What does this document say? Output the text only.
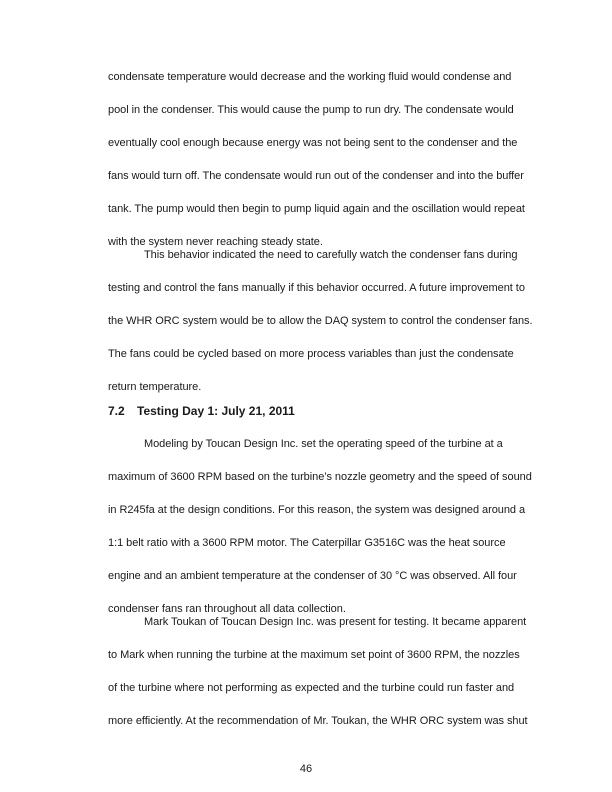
condensate temperature would decrease and the working fluid would condense and
pool in the condenser. This would cause the pump to run dry. The condensate would
eventually cool enough because energy was not being sent to the condenser and the
fans would turn off. The condensate would run out of the condenser and into the buffer
tank. The pump would then begin to pump liquid again and the oscillation would repeat
with the system never reaching steady state.
This behavior indicated the need to carefully watch the condenser fans during
testing and control the fans manually if this behavior occurred. A future improvement to
the WHR ORC system would be to allow the DAQ system to control the condenser fans.
The fans could be cycled based on more process variables than just the condensate
return temperature.
7.2 Testing Day 1: July 21, 2011
Modeling by Toucan Design Inc. set the operating speed of the turbine at a
maximum of 3600 RPM based on the turbine’s nozzle geometry and the speed of sound
in R245fa at the design conditions. For this reason, the system was designed around a
1:1 belt ratio with a 3600 RPM motor. The Caterpillar G3516C was the heat source
engine and an ambient temperature at the condenser of 30 °C was observed. All four
condenser fans ran throughout all data collection.
Mark Toukan of Toucan Design Inc. was present for testing. It became apparent
to Mark when running the turbine at the maximum set point of 3600 RPM, the nozzles
of the turbine where not performing as expected and the turbine could run faster and
more efficiently. At the recommendation of Mr. Toukan, the WHR ORC system was shut
46
